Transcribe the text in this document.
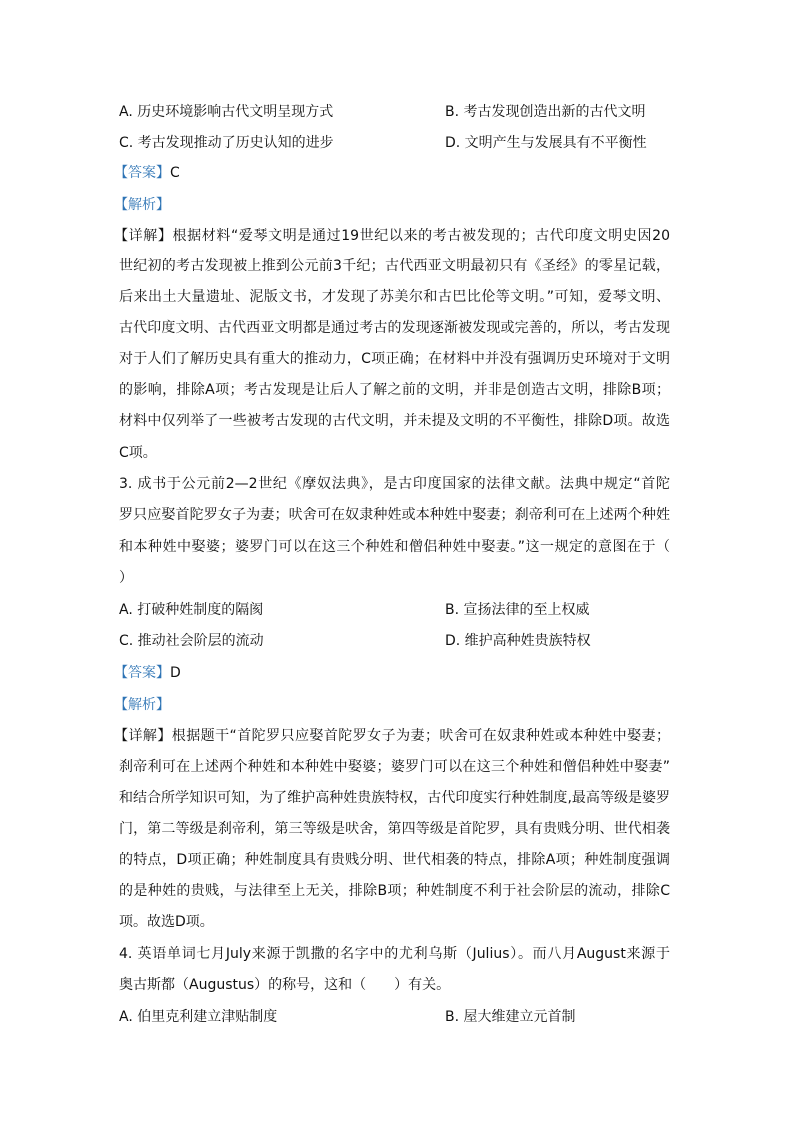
A. 历史环境影响古代文明呈现方式	B. 考古发现创造出新的古代文明
C. 考古发现推动了历史认知的进步	D. 文明产生与发展具有不平衡性
【答案】C
【解析】
【详解】根据材料“爱琴文明是通过19世纪以来的考古被发现的；古代印度文明史因20
世纪初的考古发现被上推到公元前3千纪；古代西亚文明最初只有《圣经》的零星记载，
后来出土大量遗址、泥版文书，才发现了苏美尔和古巴比伦等文明。”可知，爱琴文明、
古代印度文明、古代西亚文明都是通过考古的发现逐渐被发现或完善的，所以，考古发现
对于人们了解历史具有重大的推动力，C项正确；在材料中并没有强调历史环境对于文明
的影响，排除A项；考古发现是让后人了解之前的文明，并非是创造古文明，排除B项；
材料中仅列举了一些被考古发现的古代文明，并未提及文明的不平衡性，排除D项。故选
C项。
3. 成书于公元前2—2世纪《摩奴法典》，是古印度国家的法律文献。法典中规定“首陀
罗只应娶首陀罗女子为妻；吠舍可在奴隶种姓或本种姓中娶妻；刹帝利可在上述两个种姓
和本种姓中娶婆；婆罗门可以在这三个种姓和僧侣种姓中娶妻。”这一规定的意图在于（
）
A. 打破种姓制度的隔阂	B. 宣扬法律的至上权威
C. 推动社会阶层的流动	D. 维护高种姓贵族特权
【答案】D
【解析】
【详解】根据题干“首陀罗只应娶首陀罗女子为妻；吠舍可在奴隶种姓或本种姓中娶妻；
刹帝利可在上述两个种姓和本种姓中娶婆；婆罗门可以在这三个种姓和僧侣种姓中娶妻”
和结合所学知识可知，为了维护高种姓贵族特权，古代印度实行种姓制度,最高等级是婆罗
门，第二等级是刹帝利，第三等级是吠舍，第四等级是首陀罗，具有贵贱分明、世代相袭
的特点，D项正确；种姓制度具有贵贱分明、世代相袭的特点，排除A项；种姓制度强调
的是种姓的贵贱，与法律至上无关，排除B项；种姓制度不利于社会阶层的流动，排除C
项。故选D项。
4. 英语单词七月July来源于凯撒的名字中的尤利乌斯（Julius）。而八月August来源于
奥古斯都（Augustus）的称号，这和（　　）有关。
A. 伯里克利建立津贴制度	B. 屋大维建立元首制
